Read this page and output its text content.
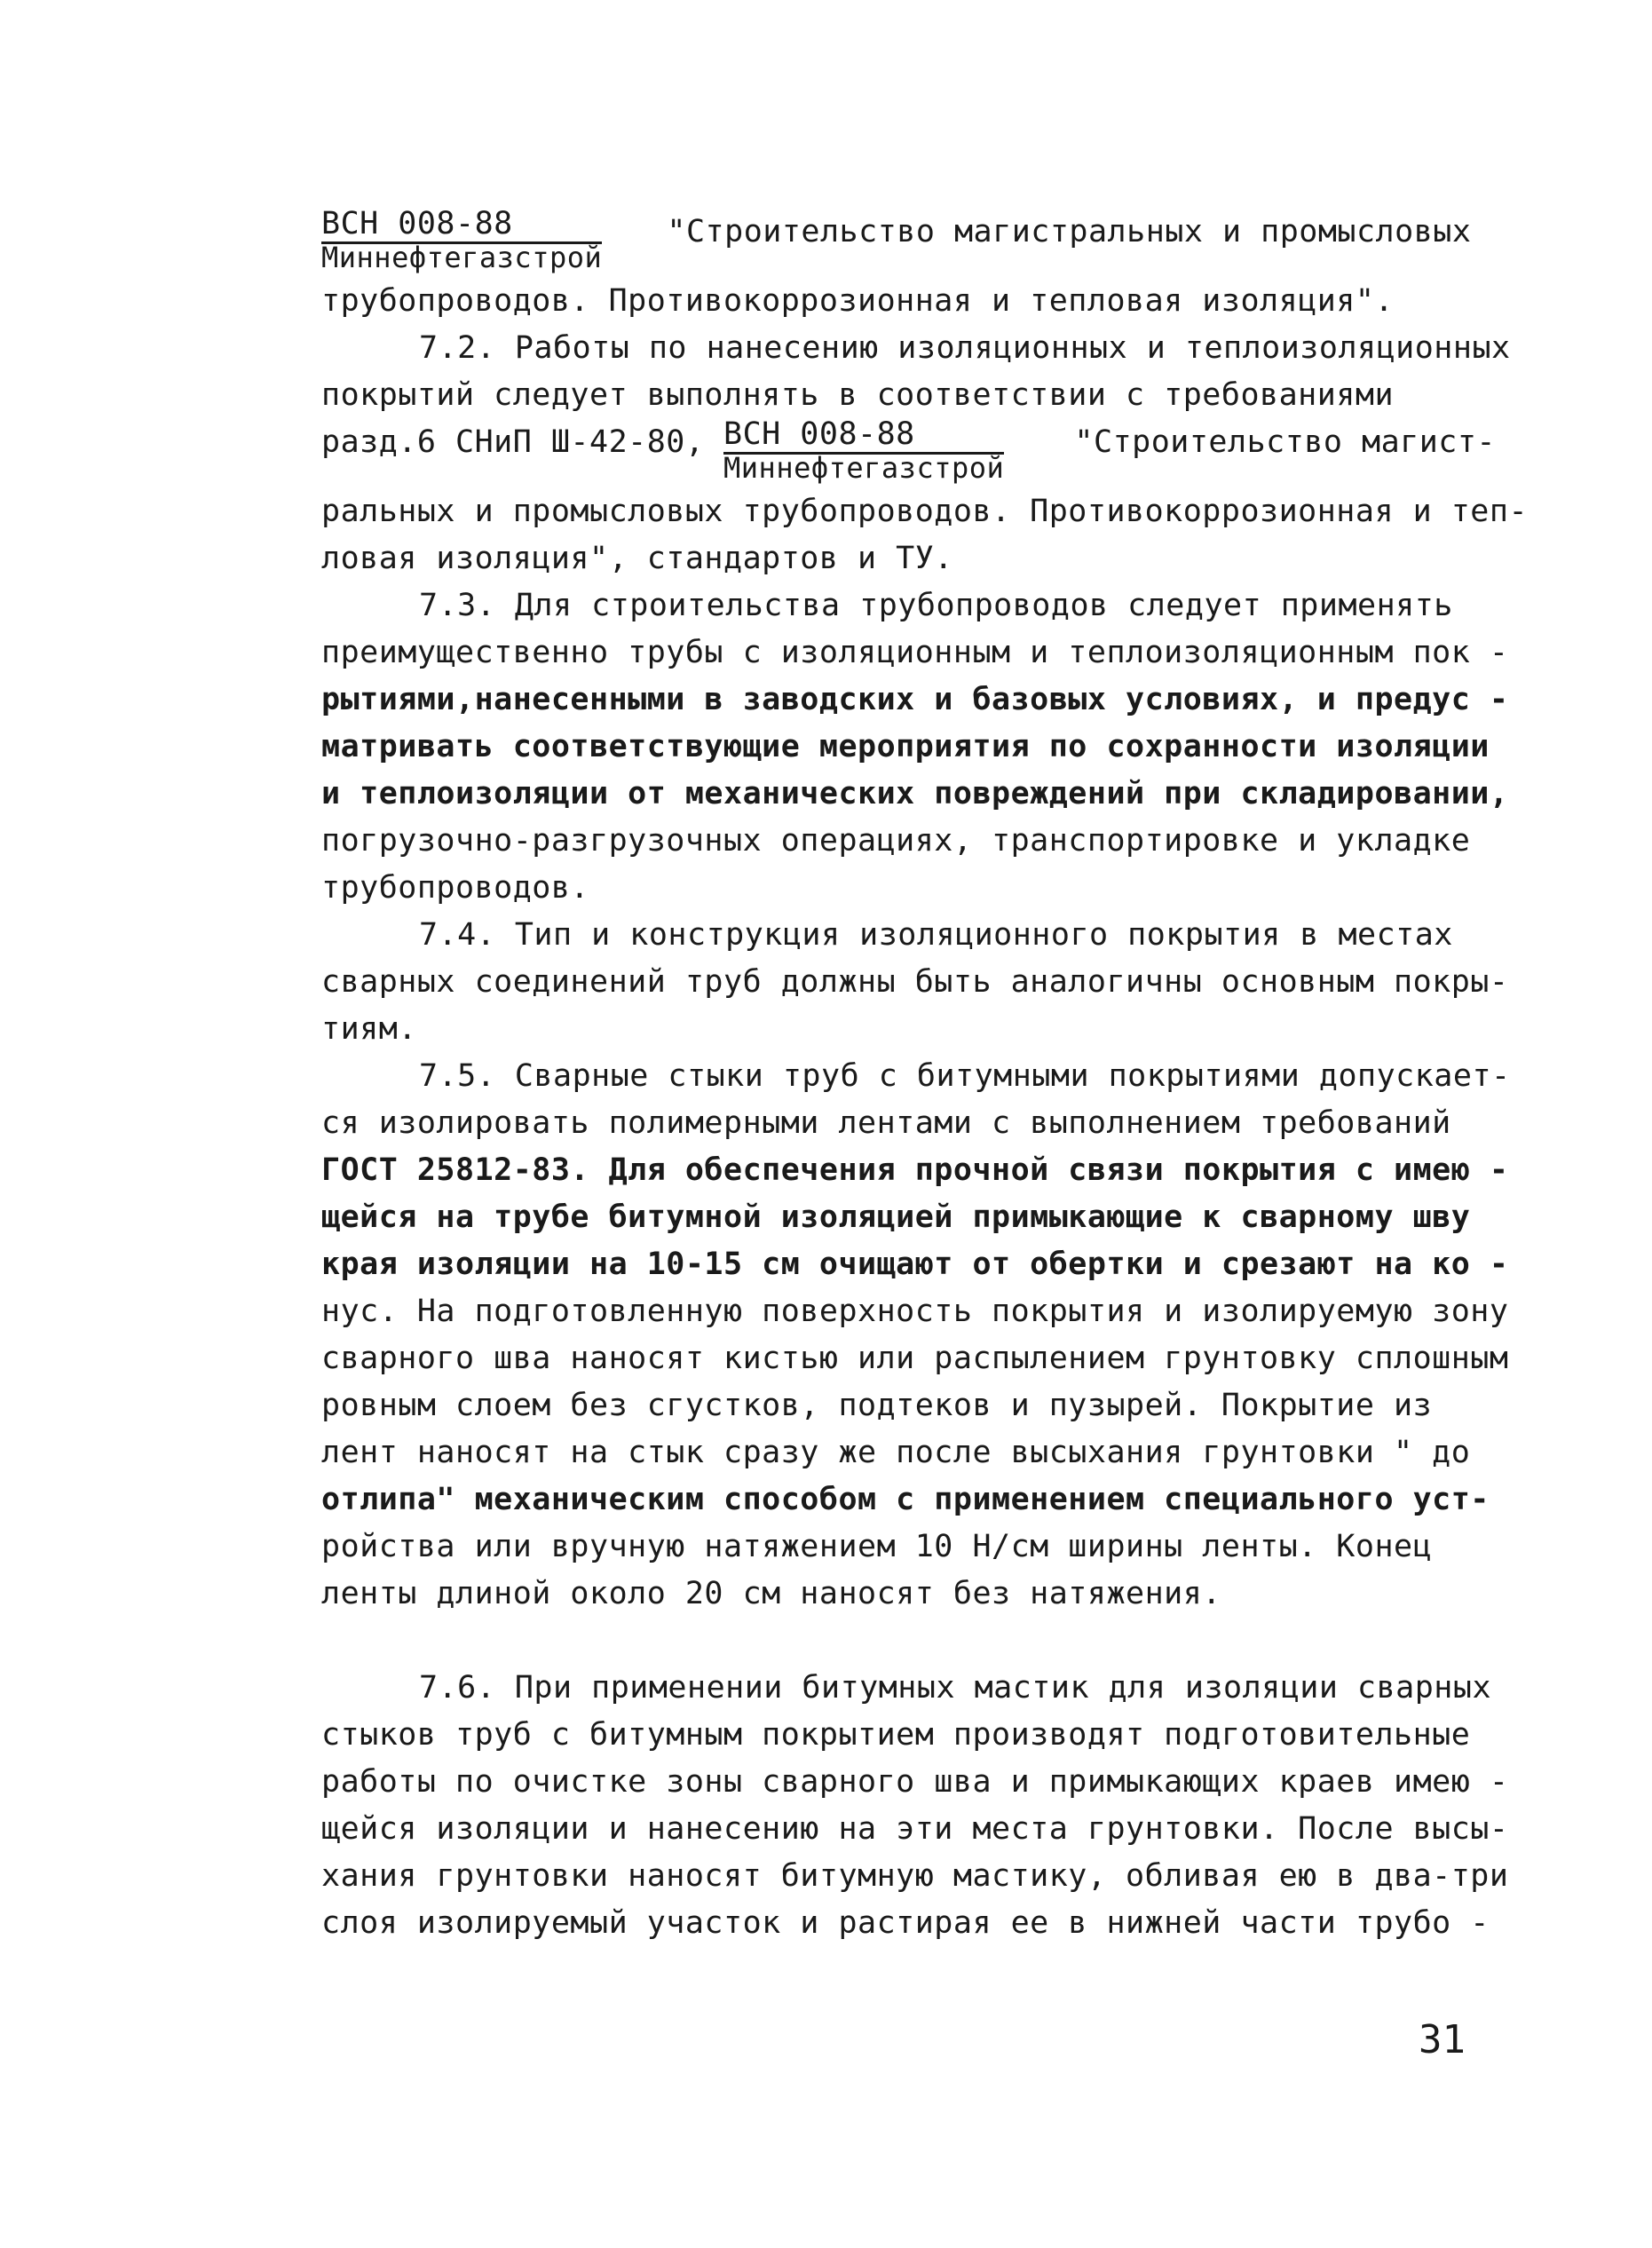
ВСН 008-88
Миннефтегазстрой
"Строительство магистральных и промысловых
трубопроводов. Противокоррозионная и тепловая изоляция".
7.2. Работы по нанесению изоляционных и теплоизоляционных
покрытий следует выполнять в соответствии с требованиями
разд.6 СНиП Ш-42-80, ВСН 008-88
Миннефтегазстрой
"Строительство магист-
ральных и промысловых трубопроводов. Противокоррозионная и теп-
ловая изоляция", стандартов и ТУ.
7.3. Для строительства трубопроводов следует применять
преимущественно трубы с изоляционным и теплоизоляционным пок -
рытиями,нанесенными в заводских и базовых условиях, и предус -
матривать соответствующие мероприятия по сохранности изоляции
и теплоизоляции от механических повреждений при складировании,
погрузочно-разгрузочных операциях, транспортировке и укладке
трубопроводов.
7.4. Тип и конструкция изоляционного покрытия в местах
сварных соединений труб должны быть аналогичны основным покры-
тиям.
7.5. Сварные стыки труб с битумными покрытиями допускает-
ся изолировать полимерными лентами с выполнением требований
ГОСТ 25812-83. Для обеспечения прочной связи покрытия с имею -
щейся на трубе битумной изоляцией примыкающие к сварному шву
края изоляции на 10-15 см очищают от обертки и срезают на ко -
нус. На подготовленную поверхность покрытия и изолируемую зону
сварного шва наносят кистью или распылением грунтовку сплошным
ровным слоем без сгустков, подтеков и пузырей. Покрытие из
лент наносят на стык сразу же после высыхания грунтовки " до
отлипа" механическим способом с применением специального уст-
ройства или вручную натяжением 10 Н/см ширины ленты. Конец
ленты длиной около 20 см наносят без натяжения.
7.6. При применении битумных мастик для изоляции сварных
стыков труб с битумным покрытием производят подготовительные
работы по очистке зоны сварного шва и примыкающих краев имею -
щейся изоляции и нанесению на эти места грунтовки. После высы-
хания грунтовки наносят битумную мастику, обливая ею в два-три
слоя изолируемый участок и растирая ее в нижней части трубо -
31
